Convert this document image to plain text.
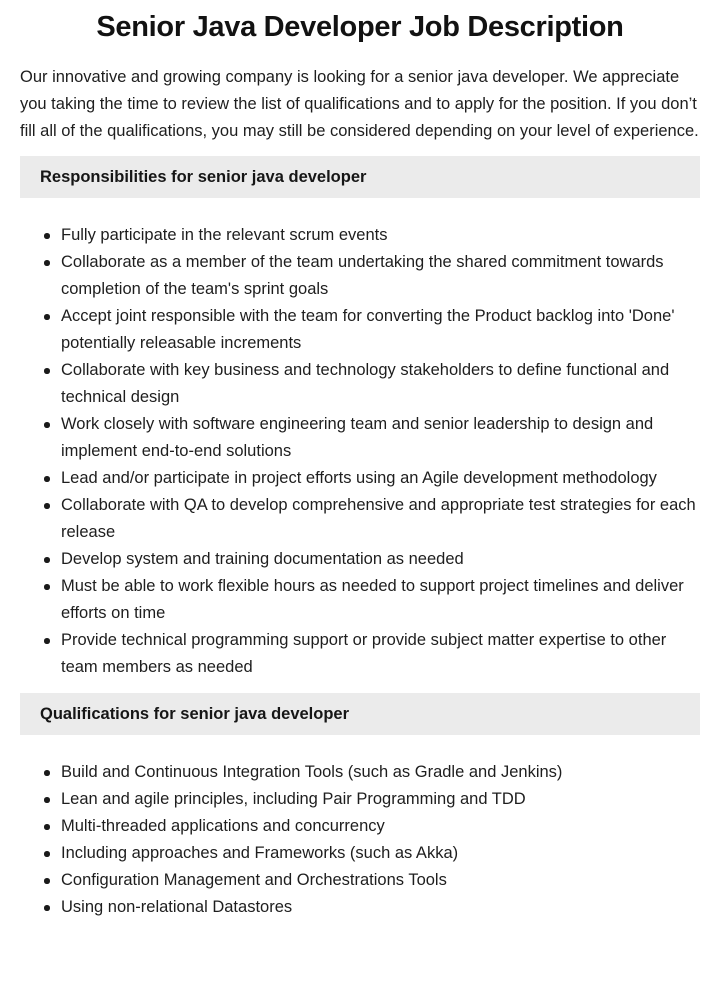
Senior Java Developer Job Description

Our innovative and growing company is looking for a senior java developer. We appreciate you taking the time to review the list of qualifications and to apply for the position. If you don’t fill all of the qualifications, you may still be considered depending on your level of experience.

Responsibilities for senior java developer
Fully participate in the relevant scrum events
Collaborate as a member of the team undertaking the shared commitment towards completion of the team's sprint goals
Accept joint responsible with the team for converting the Product backlog into 'Done' potentially releasable increments
Collaborate with key business and technology stakeholders to define functional and technical design
Work closely with software engineering team and senior leadership to design and implement end-to-end solutions
Lead and/or participate in project efforts using an Agile development methodology
Collaborate with QA to develop comprehensive and appropriate test strategies for each release
Develop system and training documentation as needed
Must be able to work flexible hours as needed to support project timelines and deliver efforts on time
Provide technical programming support or provide subject matter expertise to other team members as needed
Qualifications for senior java developer
Build and Continuous Integration Tools (such as Gradle and Jenkins)
Lean and agile principles, including Pair Programming and TDD
Multi-threaded applications and concurrency
Including approaches and Frameworks (such as Akka)
Configuration Management and Orchestrations Tools
Using non-relational Datastores
